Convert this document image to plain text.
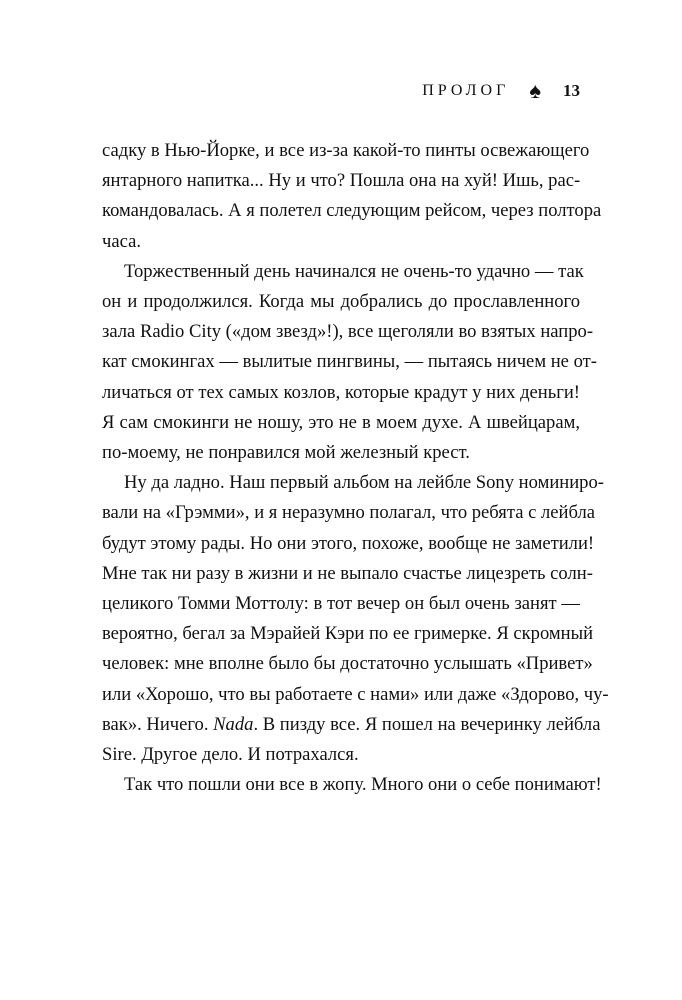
ПРОЛОГ ♠ 13
садку в Нью-Йорке, и все из-за какой-то пинты освежающего
янтарного напитка... Ну и что? Пошла она на хуй! Ишь, рас-
командовалась. А я полетел следующим рейсом, через полтора
часа.
Торжественный день начинался не очень-то удачно — так
он и продолжился. Когда мы добрались до прославленного
зала Radio City («дом звезд»!), все щеголяли во взятых напро-
кат смокингах — вылитые пингвины, — пытаясь ничем не от-
личаться от тех самых козлов, которые крадут у них деньги!
Я сам смокинги не ношу, это не в моем духе. А швейцарам,
по-моему, не понравился мой железный крест.
Ну да ладно. Наш первый альбом на лейбле Sony номиниро-
вали на «Грэмми», и я неразумно полагал, что ребята с лейбла
будут этому рады. Но они этого, похоже, вообще не заметили!
Мне так ни разу в жизни и не выпало счастье лицезреть солн-
целикого Томми Моттолу: в тот вечер он был очень занят —
вероятно, бегал за Мэрайей Кэри по ее гримерке. Я скромный
человек: мне вполне было бы достаточно услышать «Привет»
или «Хорошо, что вы работаете с нами» или даже «Здорово, чу-
вак». Ничего. Nada. В пизду все. Я пошел на вечеринку лейбла
Sire. Другое дело. И потрахался.
Так что пошли они все в жопу. Много они о себе понимают!
